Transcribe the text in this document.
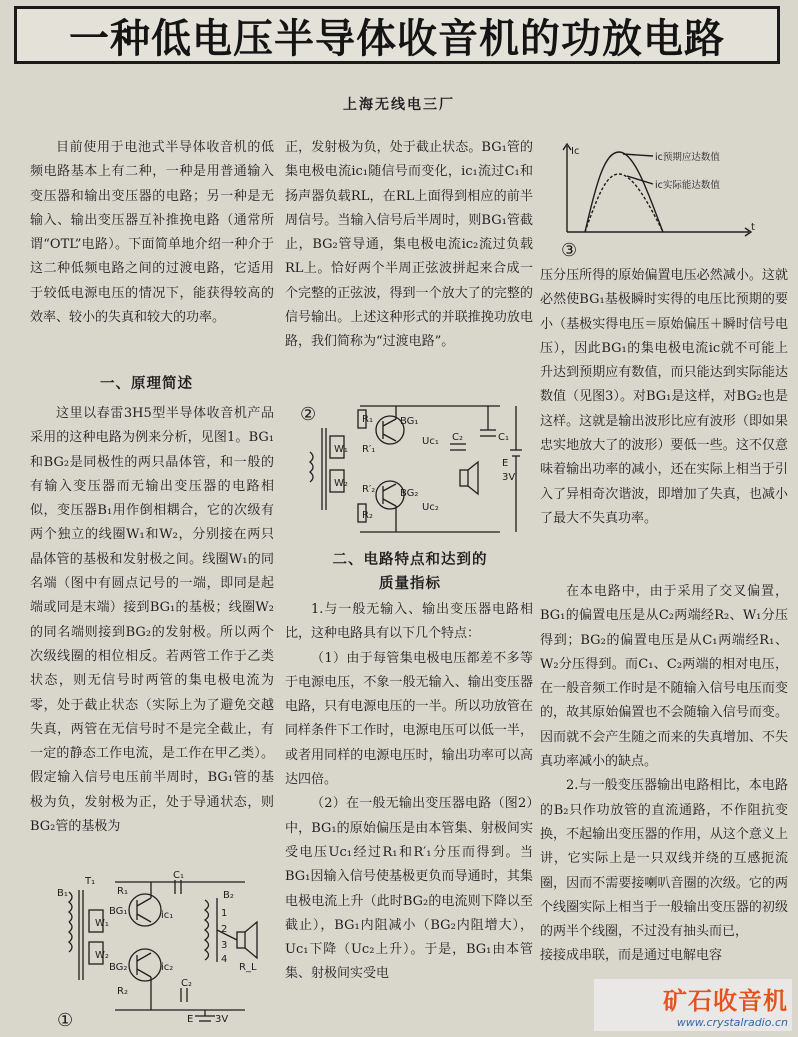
一种低电压半导体收音机的功放电路
上海无线电三厂

目前使用于电池式半导体收音机的低频电路基本上有二种，一种是用普通输入变压器和输出变压器的电路；另一种是无输入、输出变压器互补推挽电路（通常所谓“OTL”电路）。下面简单地介绍一种介于这二种低频电路之间的过渡电路，它适用于较低电源电压的情况下，能获得较高的效率、较小的失真和较大的功率。

一、原理简述

这里以春雷3H5型半导体收音机产品采用的这种电路为例来分析，见图1。BG₁和BG₂是同极性的两只晶体管，和一般的有输入变压器而无输出变压器的电路相似，变压器B₁用作倒相耦合，它的次级有两个独立的线圈W₁和W₂，分别接在两只晶体管的基极和发射极之间。线圈W₁的同名端（图中有圆点记号的一端，即同是起端或同是末端）接到BG₁的基极；线圈W₂的同名端则接到BG₂的发射极。所以两个次级线圈的相位相反。若两管工作于乙类状态，则无信号时两管的集电极电流为零，处于截止状态（实际上为了避免交越失真，两管在无信号时不是完全截止，有一定的静态工作电流，是工作在甲乙类）。假定输入信号电压前半周时，BG₁管的基极为负，发射极为正，处于导通状态，则BG₂管的基极为

W₁
W₂
B₁
T₁
BG₁
BG₂
R₁
R₂
C₁
C₂
ic₁
ic₂	R_L
B₂
E 3V
1
2
3
4
①

正，发射极为负，处于截止状态。BG₁管的集电极电流ic₁随信号而变化，ic₁流过C₁和扬声器负载RL，在RL上面得到相应的前半周信号。当输入信号后半周时，则BG₁管截止，BG₂管导通，集电极电流ic₂流过负载RL上。恰好两个半周正弦波拼起来合成一个完整的正弦波，得到一个放大了的完整的信号输出。上述这种形式的并联推挽功放电路，我们简称为“过渡电路”。

R₁
R′₁
W₁
W₂
BG₁
BG₂
Uc₁
Uc₂
C₁
C₂
R₂
R′₂
E
3V
②
二、电路特点和达到的
质量指标

1.与一般无输入、输出变压器电路相比，这种电路具有以下几个特点：

（1）由于每管集电极电压都差不多等于电源电压，不象一般无输入、输出变压器电路，只有电源电压的一半。所以功放管在同样条件下工作时，电源电压可以低一半，或者用同样的电源电压时，输出功率可以高达四倍。

（2）在一般无输出变压器电路（图2）中，BG₁的原始偏压是由本管集、射极间实受电压Uc₁经过R₁和R′₁分压而得到。当BG₁因输入信号使基极更负而导通时，其集电极电流上升（此时BG₂的电流则下降以至截止），BG₁内阻减小（BG₂内阻增大），Uc₁下降（Uc₂上升）。于是，BG₁由本管集、射极间实受电

Ic
t
ic预期应达数值
ic实际能达数值
③

压分压所得的原始偏置电压必然减小。这就必然使BG₁基极瞬时实得的电压比预期的要小（基极实得电压＝原始偏压＋瞬时信号电压），因此BG₁的集电极电流ic就不可能上升达到预期应有数值，而只能达到实际能达数值（见图3）。对BG₁是这样，对BG₂也是这样。这就是输出波形比应有波形（即如果忠实地放大了的波形）要低一些。这不仅意味着输出功率的减小，还在实际上相当于引入了异相奇次谐波，即增加了失真，也减小了最大不失真功率。

在本电路中，由于采用了交叉偏置，BG₁的偏置电压是从C₂两端经R₂、W₁分压得到；BG₂的偏置电压是从C₁两端经R₁、W₂分压得到。而C₁、C₂两端的相对电压，在一般音频工作时是不随输入信号电压而变的，故其原始偏置也不会随输入信号而变。因而就不会产生随之而来的失真增加、不失真功率减小的缺点。

2.与一般变压器输出电路相比，本电路的B₂只作功放管的直流通路，不作阻抗变换，不起输出变压器的作用，从这个意义上讲，它实际上是一只双线并绕的互感扼流圈，因而不需要接喇叭音圈的次级。它的两个线圈实际上相当于一般输出变压器的初级的两半个线圈，不过没有抽头而已，

接接成串联，而是通过电解电容

矿石收音机
www.crystalradio.cn
